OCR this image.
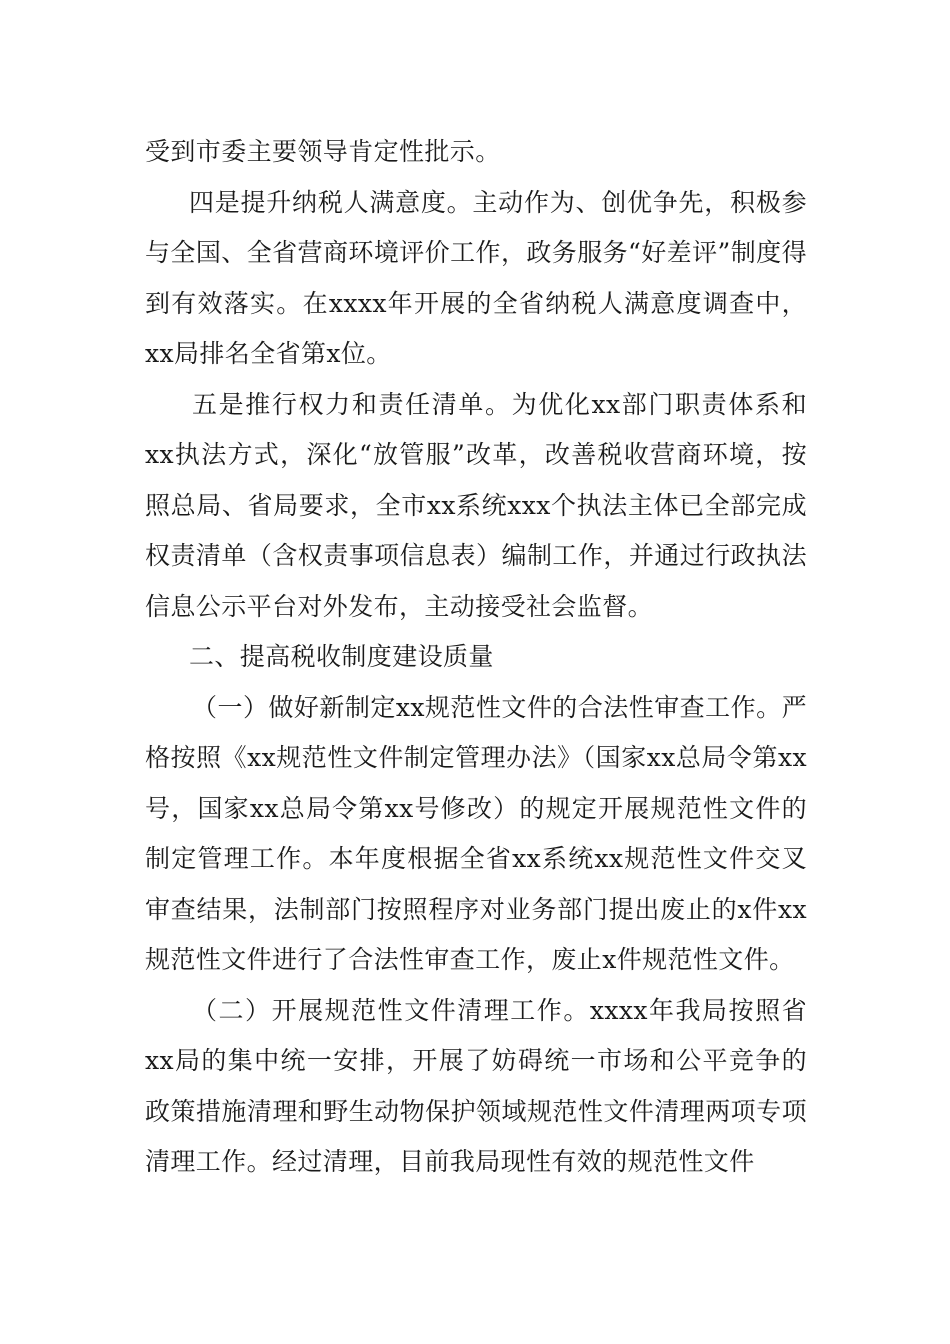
受到市委主要领导肯定性批示。

四是提升纳税人满意度。主动作为、创优争先，积极参与全国、全省营商环境评价工作，政务服务“好差评”制度得到有效落实。在xxxx年开展的全省纳税人满意度调查中，xx局排名全省第x位。

五是推行权力和责任清单。为优化xx部门职责体系和xx执法方式，深化“放管服”改革，改善税收营商环境，按照总局、省局要求，全市xx系统xxx个执法主体已全部完成权责清单（含权责事项信息表）编制工作，并通过行政执法信息公示平台对外发布，主动接受社会监督。

二、提高税收制度建设质量

（一）做好新制定xx规范性文件的合法性审查工作。严格按照《xx规范性文件制定管理办法》（国家xx总局令第xx号，国家xx总局令第xx号修改）的规定开展规范性文件的制定管理工作。本年度根据全省xx系统xx规范性文件交叉审查结果，法制部门按照程序对业务部门提出废止的x件xx规范性文件进行了合法性审查工作，废止x件规范性文件。

（二）开展规范性文件清理工作。xxxx年我局按照省xx局的集中统一安排，开展了妨碍统一市场和公平竞争的政策措施清理和野生动物保护领域规范性文件清理两项专项清理工作。经过清理，目前我局现性有效的规范性文件
